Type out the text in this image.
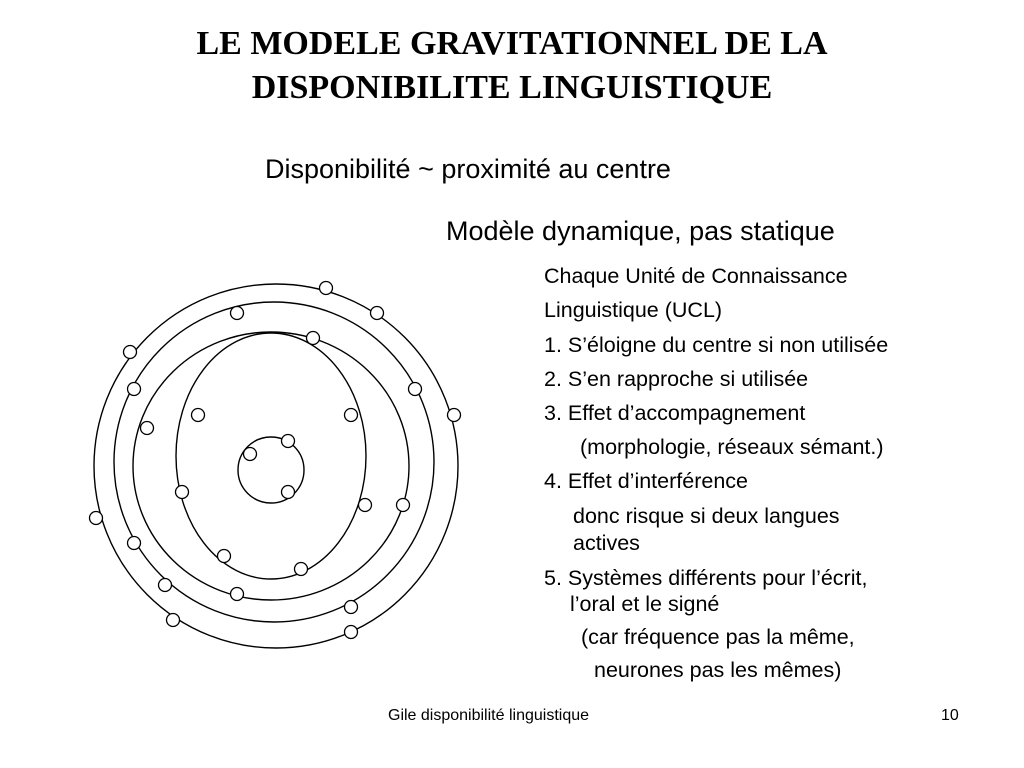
LE MODELE GRAVITATIONNEL DE LA
DISPONIBILITE LINGUISTIQUE
Disponibilité ~ proximité au centre
Modèle dynamique, pas statique
Chaque Unité de Connaissance
Linguistique (UCL)
1. S’éloigne du centre si non utilisée
2. S’en rapproche si utilisée
3. Effet d’accompagnement
(morphologie, réseaux sémant.)
4. Effet d’interférence
donc risque si deux langues
actives
5. Systèmes différents pour l’écrit,
l’oral et le signé
(car fréquence pas la même,
neurones pas les mêmes)
Gile disponibilité linguistique	10
